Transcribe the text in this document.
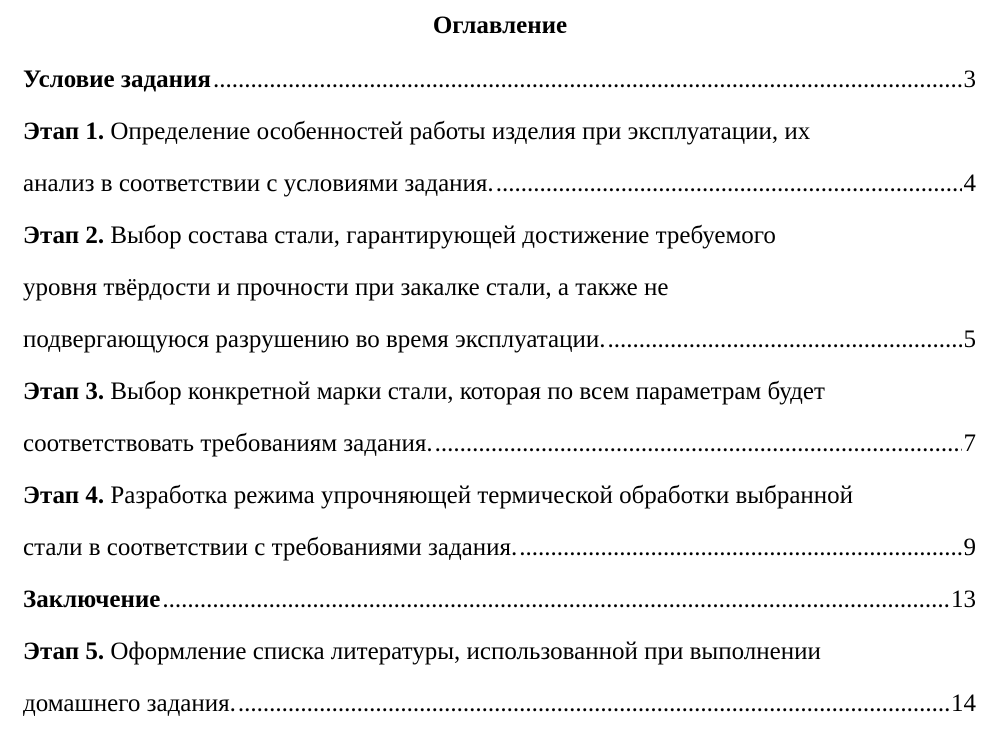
Оглавление
Условие задания .....	3
Этап 1. Определение особенностей работы изделия при эксплуатации, их
анализ в соответствии с условиями задания. .....	4
Этап 2. Выбор состава стали, гарантирующей достижение требуемого
уровня твёрдости и прочности при закалке стали, а также не
подвергающуюся разрушению во время эксплуатации. .....	5
Этап 3. Выбор конкретной марки стали, которая по всем параметрам будет
соответствовать требованиям задания. .....	7
Этап 4. Разработка режима упрочняющей термической обработки выбранной
стали в соответствии с требованиями задания. .....	9
Заключение .....	13
Этап 5. Оформление списка литературы, использованной при выполнении
домашнего задания. .....	14
